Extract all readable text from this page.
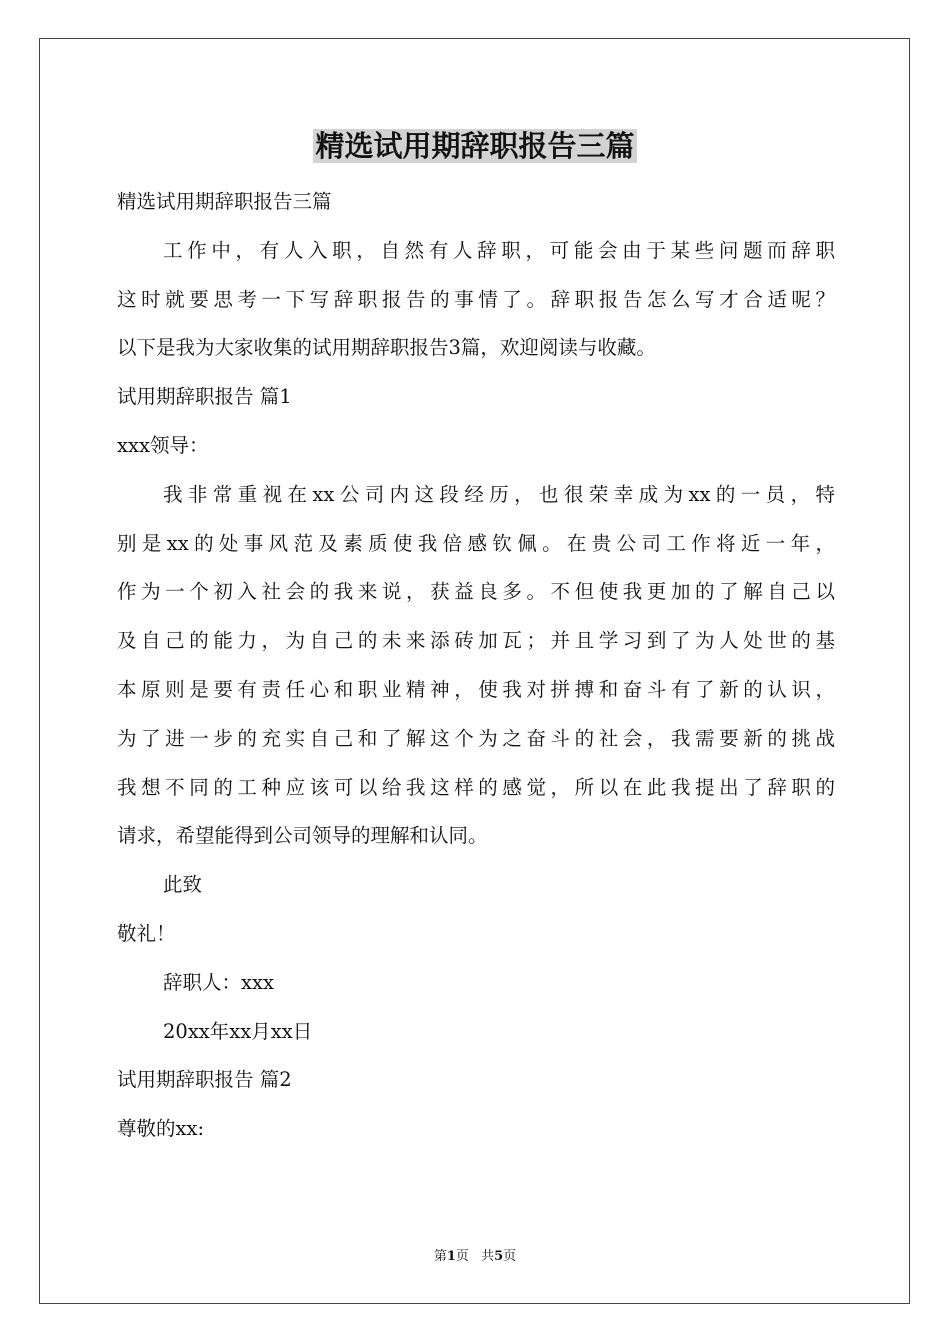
精选试用期辞职报告三篇
精选试用期辞职报告三篇
工作中，有人入职，自然有人辞职，可能会由于某些问题而辞职
这时就要思考一下写辞职报告的事情了。辞职报告怎么写才合适呢？
以下是我为大家收集的试用期辞职报告3篇，欢迎阅读与收藏。
试用期辞职报告 篇1
xxx领导：
我非常重视在xx公司内这段经历，也很荣幸成为xx的一员，特
别是xx的处事风范及素质使我倍感钦佩。在贵公司工作将近一年，
作为一个初入社会的我来说，获益良多。不但使我更加的了解自己以
及自己的能力，为自己的未来添砖加瓦；并且学习到了为人处世的基
本原则是要有责任心和职业精神，使我对拼搏和奋斗有了新的认识，
为了进一步的充实自己和了解这个为之奋斗的社会，我需要新的挑战
我想不同的工种应该可以给我这样的感觉，所以在此我提出了辞职的
请求，希望能得到公司领导的理解和认同。
此致
敬礼！
辞职人：xxx
20xx年xx月xx日
试用期辞职报告 篇2
尊敬的xx:
第1页 共5页
